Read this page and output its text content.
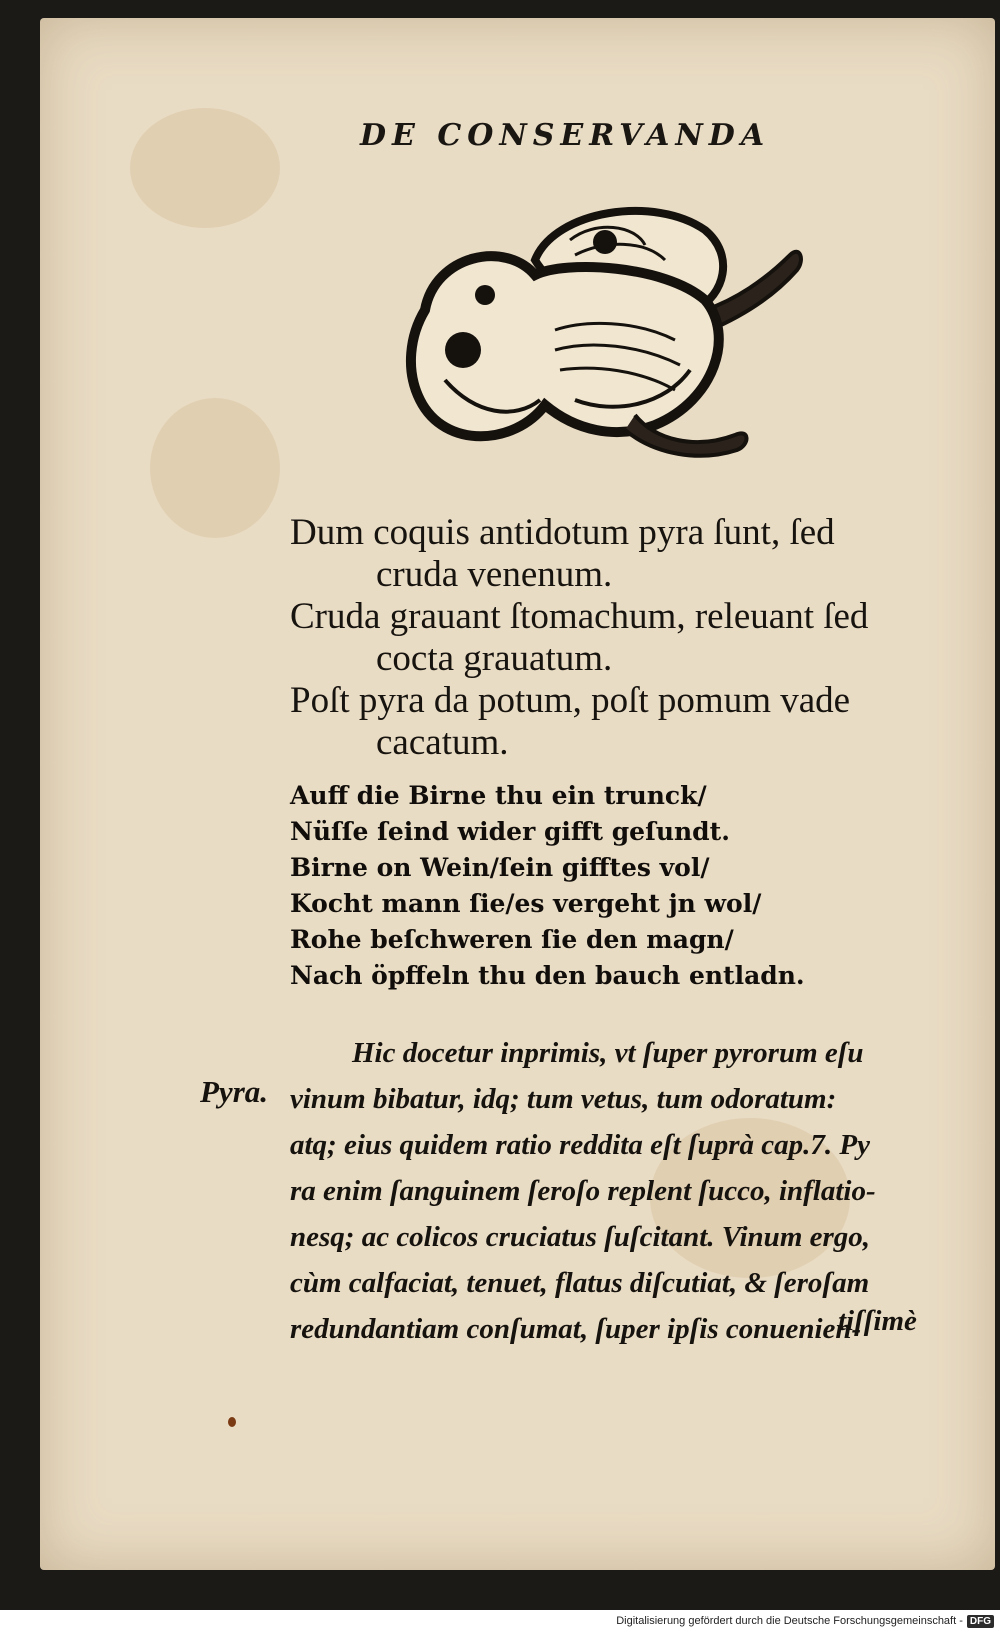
DE CONSERVANDA
Dum coquis antidotum pyra ſunt, ſed
cruda venenum.
Cruda grauant ſtomachum, releuant ſed
cocta grauatum.
Poſt pyra da potum, poſt pomum vade
cacatum.
Auff die Birne thu ein trunck/
Nüſſe ſeind wider gifft geſundt.
Birne on Wein/ſein gifftes vol/
Kocht mann ſie/es vergeht jn wol/
Rohe beſchweren ſie den magn/
Nach öpffeln thu den bauch entladn.
Pyra.
Hic docetur inprimis, vt ſuper pyrorum eſu
vinum bibatur, idq; tum vetus, tum odoratum:
atq; eius quidem ratio reddita eſt ſuprà cap.7. Py
ra enim ſanguinem ſeroſo replent ſucco, inflatio-
nesq; ac colicos cruciatus ſuſcitant. Vinum ergo,
cùm calfaciat, tenuet, flatus diſcutiat, & ſeroſam
redundantiam conſumat, ſuper ipſis conuenien-
tiſſimè
Digitalisierung gefördert durch die Deutsche Forschungsgemeinschaft - DFG
